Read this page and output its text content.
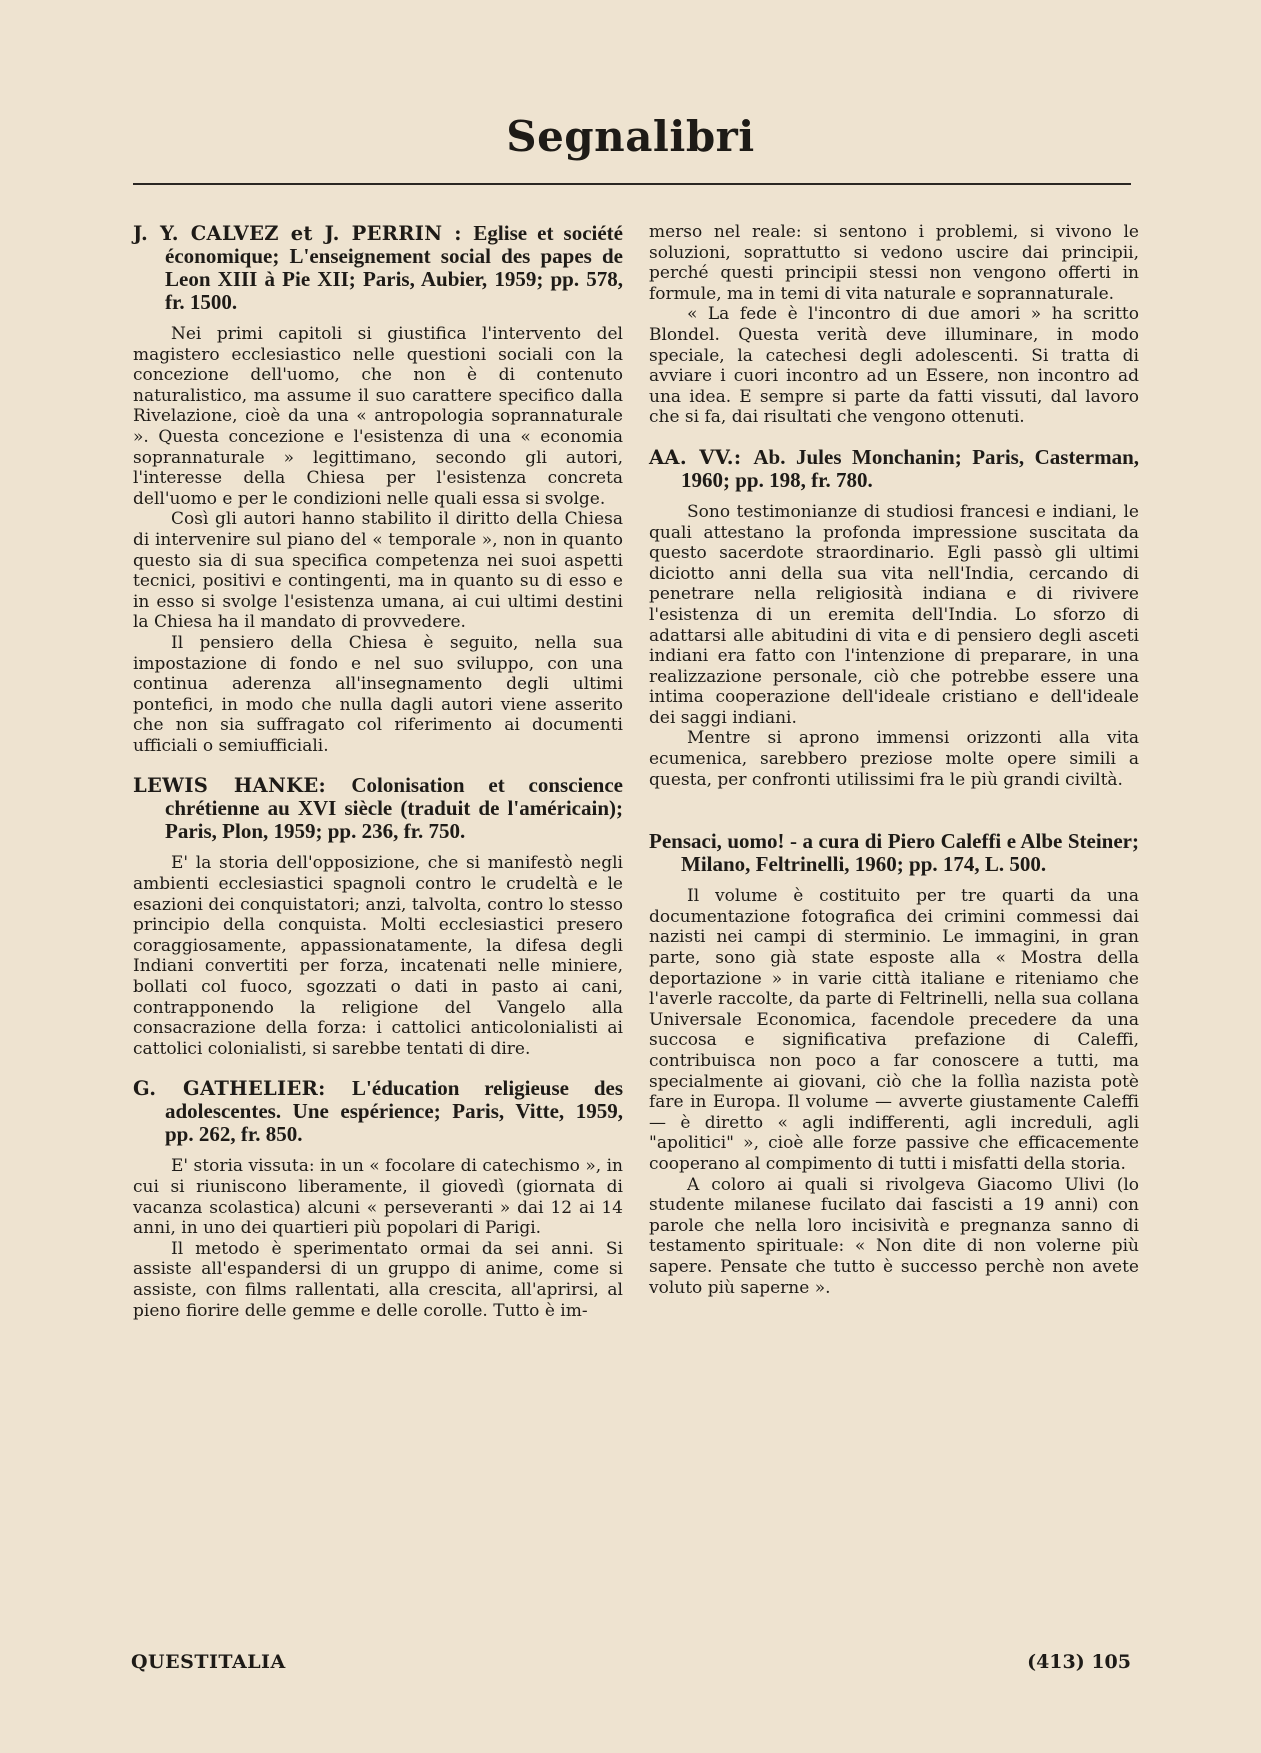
Segnalibri

J. Y. CALVEZ et J. PERRIN : Eglise et société économique; L'enseignement social des papes de Leon XIII à Pie XII; Paris, Aubier, 1959; pp. 578, fr. 1500.

Nei primi capitoli si giustifica l'intervento del magistero ecclesiastico nelle questioni sociali con la concezione dell'uomo, che non è di contenuto naturalistico, ma assume il suo carattere specifico dalla Rivelazione, cioè da una « antropologia soprannaturale ». Questa concezione e l'esistenza di una « economia soprannaturale » legittimano, secondo gli autori, l'interesse della Chiesa per l'esistenza concreta dell'uomo e per le condizioni nelle quali essa si svolge.

Così gli autori hanno stabilito il diritto della Chiesa di intervenire sul piano del « temporale », non in quanto questo sia di sua specifica competenza nei suoi aspetti tecnici, positivi e contingenti, ma in quanto su di esso e in esso si svolge l'esistenza umana, ai cui ultimi destini la Chiesa ha il mandato di provvedere.

Il pensiero della Chiesa è seguito, nella sua impostazione di fondo e nel suo sviluppo, con una continua aderenza all'insegnamento degli ultimi pontefici, in modo che nulla dagli autori viene asserito che non sia suffragato col riferimento ai documenti ufficiali o semiufficiali.

LEWIS HANKE: Colonisation et conscience chrétienne au XVI siècle (traduit de l'américain); Paris, Plon, 1959; pp. 236, fr. 750.

E' la storia dell'opposizione, che si manifestò negli ambienti ecclesiastici spagnoli contro le crudeltà e le esazioni dei conquistatori; anzi, talvolta, contro lo stesso principio della conquista. Molti ecclesiastici presero coraggiosamente, appassionatamente, la difesa degli Indiani convertiti per forza, incatenati nelle miniere, bollati col fuoco, sgozzati o dati in pasto ai cani, contrapponendo la religione del Vangelo alla consacrazione della forza: i cattolici anticolonialisti ai cattolici colonialisti, si sarebbe tentati di dire.

G. GATHELIER: L'éducation religieuse des adolescentes. Une espérience; Paris, Vitte, 1959, pp. 262, fr. 850.

E' storia vissuta: in un « focolare di catechismo », in cui si riuniscono liberamente, il giovedì (giornata di vacanza scolastica) alcuni « perseveranti » dai 12 ai 14 anni, in uno dei quartieri più popolari di Parigi.

Il metodo è sperimentato ormai da sei anni. Si assiste all'espandersi di un gruppo di anime, come si assiste, con films rallentati, alla crescita, all'aprirsi, al pieno fiorire delle gemme e delle corolle. Tutto è im-

merso nel reale: si sentono i problemi, si vivono le soluzioni, soprattutto si vedono uscire dai principii, perché questi principii stessi non vengono offerti in formule, ma in temi di vita naturale e soprannaturale.

« La fede è l'incontro di due amori » ha scritto Blondel. Questa verità deve illuminare, in modo speciale, la catechesi degli adolescenti. Si tratta di avviare i cuori incontro ad un Essere, non incontro ad una idea. E sempre si parte da fatti vissuti, dal lavoro che si fa, dai risultati che vengono ottenuti.

AA. VV.: Ab. Jules Monchanin; Paris, Casterman, 1960; pp. 198, fr. 780.

Sono testimonianze di studiosi francesi e indiani, le quali attestano la profonda impressione suscitata da questo sacerdote straordinario. Egli passò gli ultimi diciotto anni della sua vita nell'India, cercando di penetrare nella religiosità indiana e di rivivere l'esistenza di un eremita dell'India. Lo sforzo di adattarsi alle abitudini di vita e di pensiero degli asceti indiani era fatto con l'intenzione di preparare, in una realizzazione personale, ciò che potrebbe essere una intima cooperazione dell'ideale cristiano e dell'ideale dei saggi indiani.

Mentre si aprono immensi orizzonti alla vita ecumenica, sarebbero preziose molte opere simili a questa, per confronti utilissimi fra le più grandi civiltà.

Pensaci, uomo! - a cura di Piero Caleffi e Albe Steiner; Milano, Feltrinelli, 1960; pp. 174, L. 500.

Il volume è costituito per tre quarti da una documentazione fotografica dei crimini commessi dai nazisti nei campi di sterminio. Le immagini, in gran parte, sono già state esposte alla « Mostra della deportazione » in varie città italiane e riteniamo che l'averle raccolte, da parte di Feltrinelli, nella sua collana Universale Economica, facendole precedere da una succosa e significativa prefazione di Caleffi, contribuisca non poco a far conoscere a tutti, ma specialmente ai giovani, ciò che la follìa nazista potè fare in Europa. Il volume — avverte giustamente Caleffi — è diretto « agli indifferenti, agli increduli, agli "apolitici" », cioè alle forze passive che efficacemente cooperano al compimento di tutti i misfatti della storia.

A coloro ai quali si rivolgeva Giacomo Ulivi (lo studente milanese fucilato dai fascisti a 19 anni) con parole che nella loro incisività e pregnanza sanno di testamento spirituale: « Non dite di non volerne più sapere. Pensate che tutto è successo perchè non avete voluto più saperne ».

QUESTITALIA	(413) 105
